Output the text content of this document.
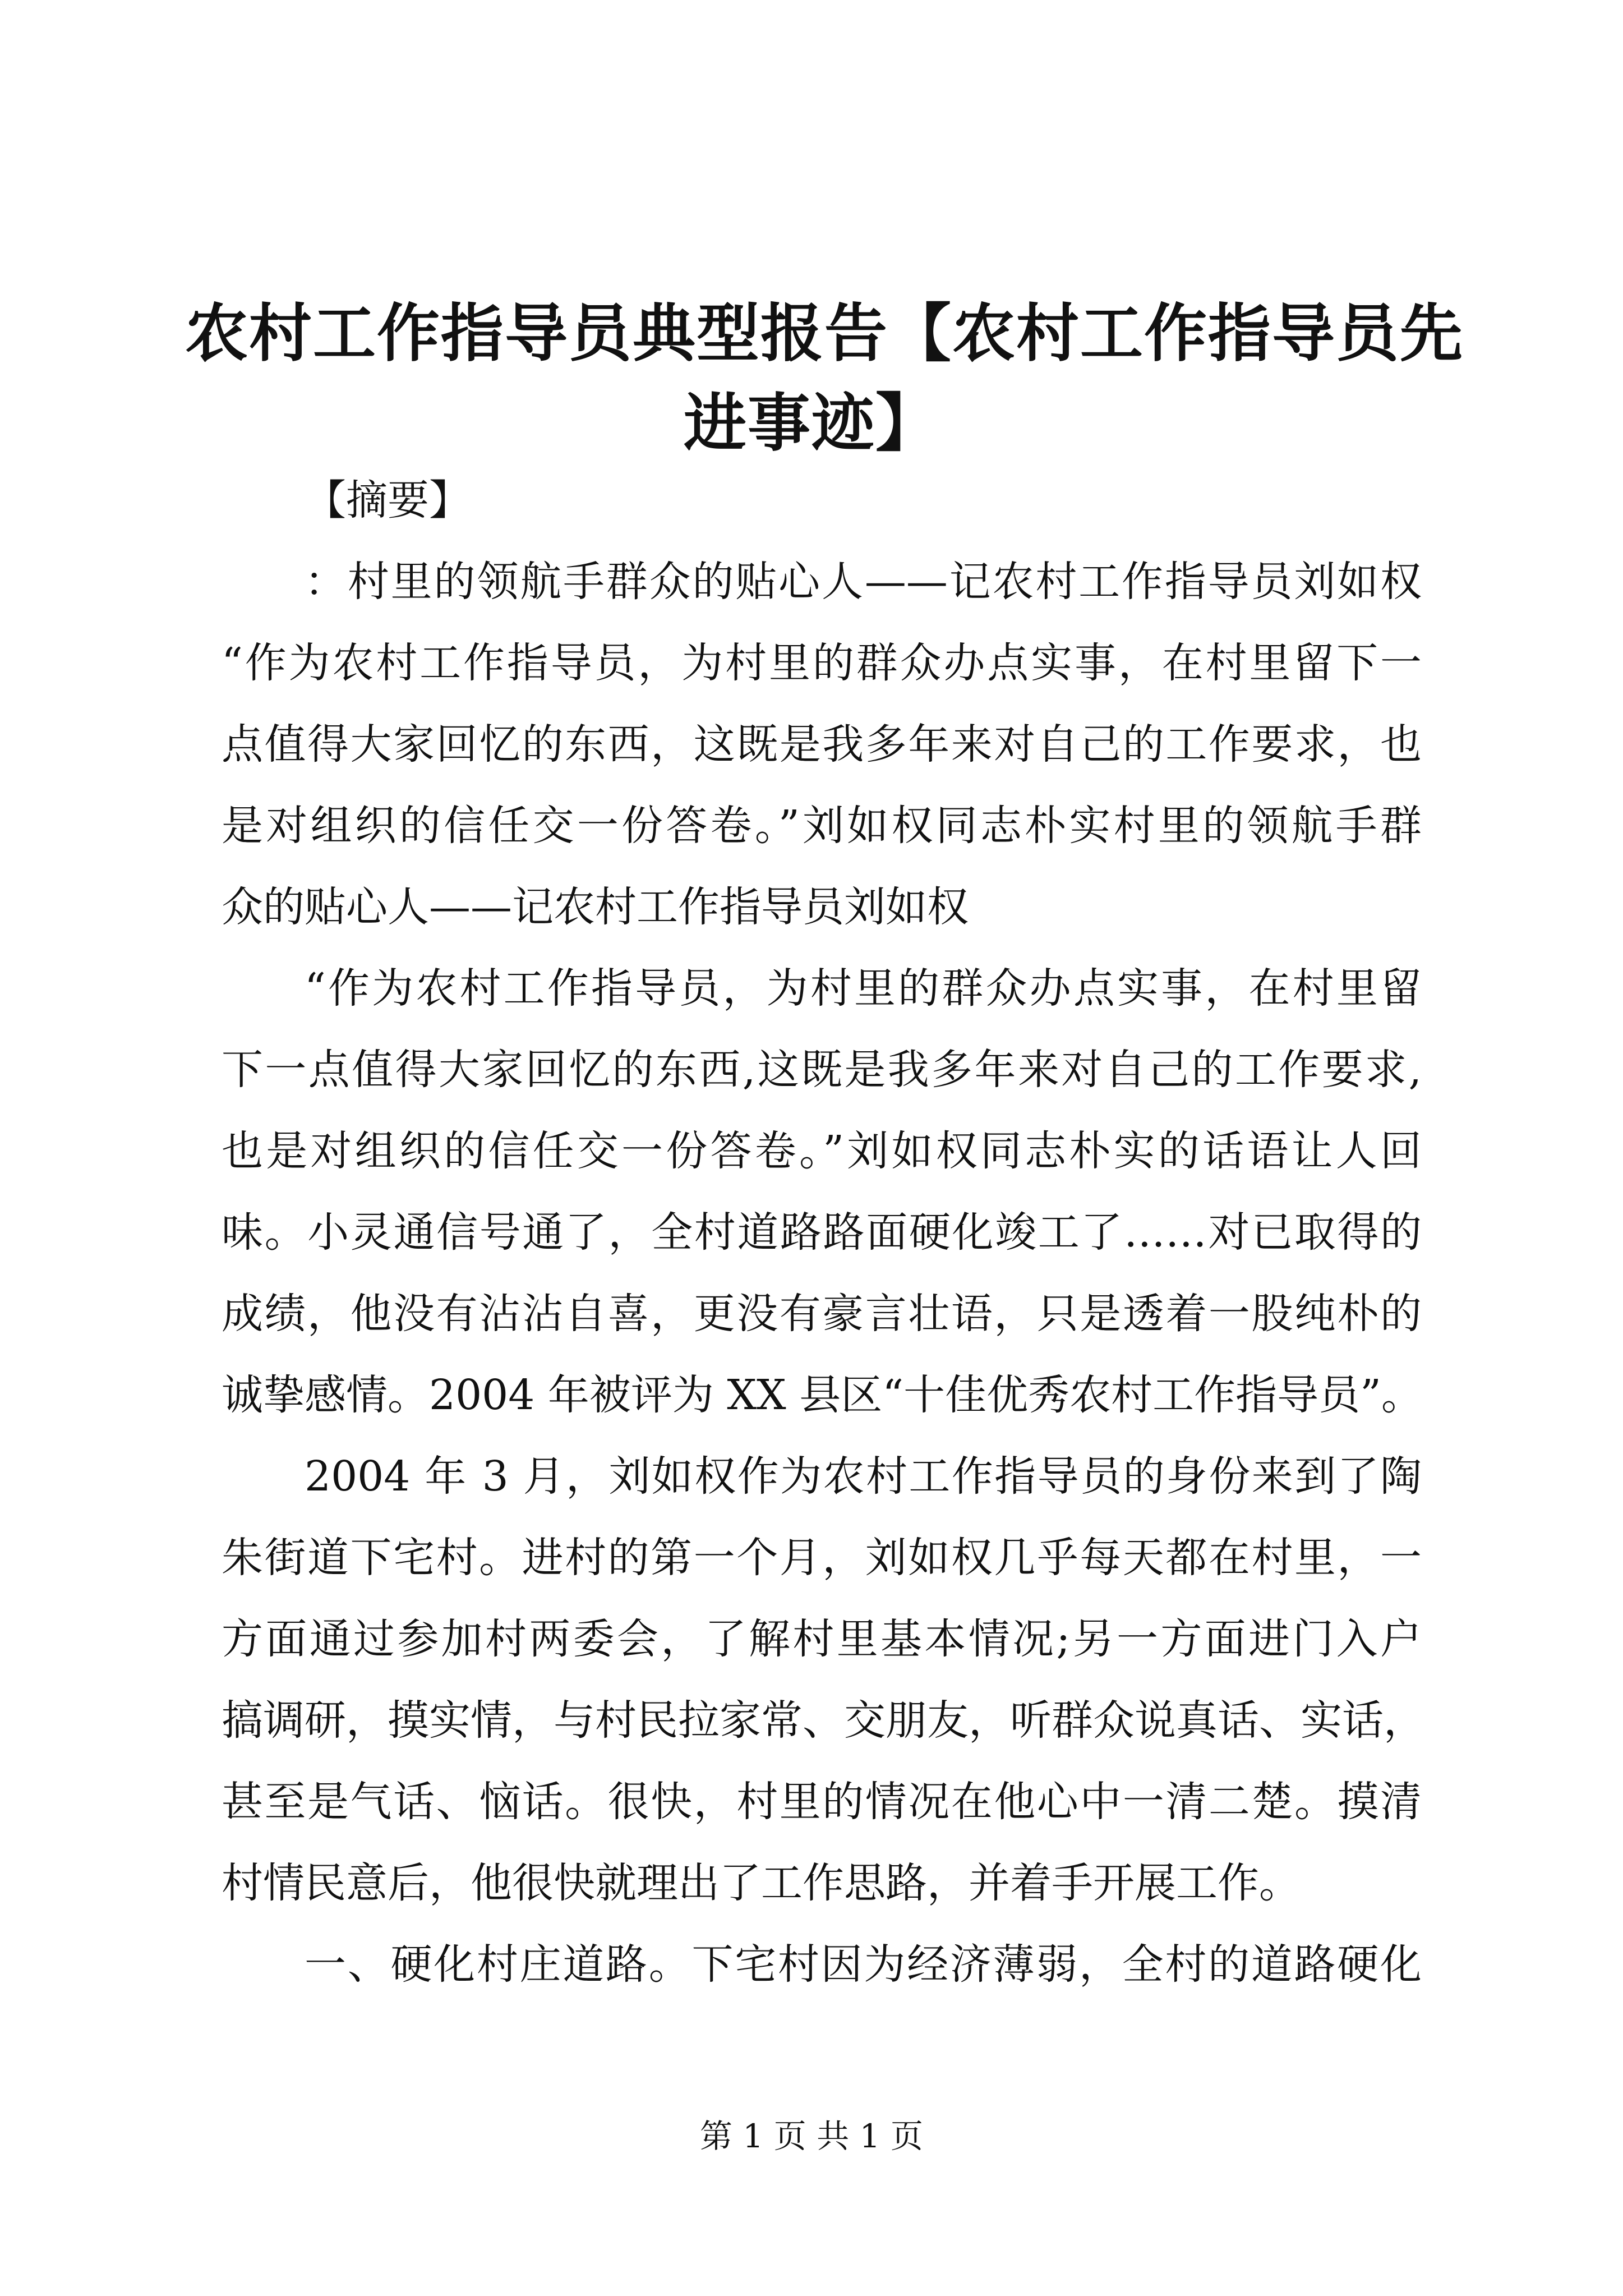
农村工作指导员典型报告【农村工作指导员先
进事迹】
【摘要】

：村里的领航手群众的贴心人——记农村工作指导员刘如权
“作为农村工作指导员，为村里的群众办点实事，在村里留下一
点值得大家回忆的东西，这既是我多年来对自己的工作要求，也
是对组织的信任交一份答卷。”刘如权同志朴实村里的领航手群
众的贴心人——记农村工作指导员刘如权

“作为农村工作指导员，为村里的群众办点实事，在村里留
下一点值得大家回忆的东西,这既是我多年来对自己的工作要求,
也是对组织的信任交一份答卷。”刘如权同志朴实的话语让人回
味。小灵通信号通了，全村道路路面硬化竣工了……对已取得的
成绩，他没有沾沾自喜，更没有豪言壮语，只是透着一股纯朴的
诚挚感情。2004 年被评为 XX 县区“十佳优秀农村工作指导员”。

2004 年 3 月，刘如权作为农村工作指导员的身份来到了陶
朱街道下宅村。进村的第一个月，刘如权几乎每天都在村里，一
方面通过参加村两委会，了解村里基本情况;另一方面进门入户
搞调研，摸实情，与村民拉家常、交朋友，听群众说真话、实话，
甚至是气话、恼话。很快，村里的情况在他心中一清二楚。摸清
村情民意后，他很快就理出了工作思路，并着手开展工作。

一、硬化村庄道路。下宅村因为经济薄弱，全村的道路硬化

第 1 页 共 1 页
